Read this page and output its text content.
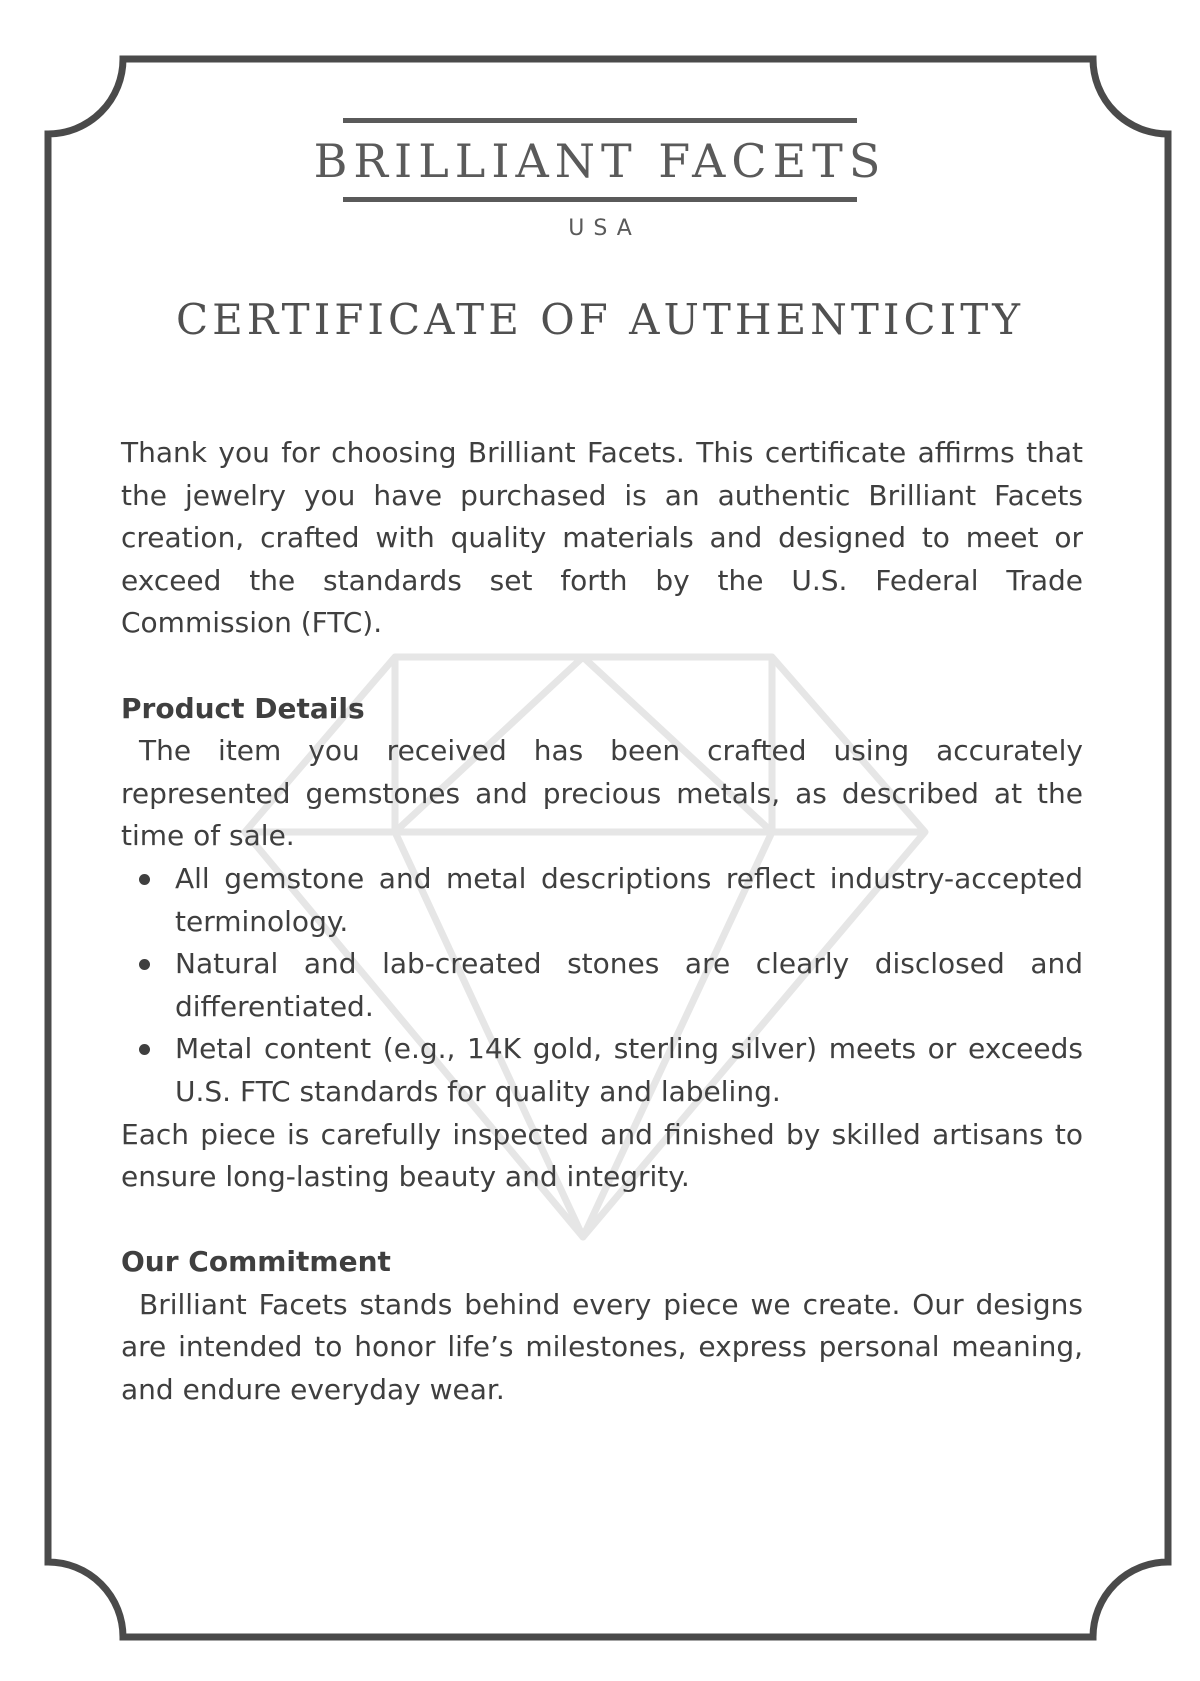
BRILLIANT FACETS
USA
CERTIFICATE OF AUTHENTICITY

Thank you for choosing Brilliant Facets. This certificate affirms that the jewelry you have purchased is an authentic Brilliant Facets creation, crafted with quality materials and designed to meet or exceed the standards set forth by the U.S. Federal Trade Commission (FTC).

Product Details

The item you received has been crafted using accurately represented gemstones and precious metals, as described at the time of sale.

All gemstone and metal descriptions reflect industry-accepted terminology.
Natural and lab-created stones are clearly disclosed and differentiated.
Metal content (e.g., 14K gold, sterling silver) meets or exceeds U.S. FTC standards for quality and labeling.

Each piece is carefully inspected and finished by skilled artisans to ensure long-lasting beauty and integrity.

Our Commitment

Brilliant Facets stands behind every piece we create. Our designs are intended to honor life’s milestones, express personal meaning, and endure everyday wear.
